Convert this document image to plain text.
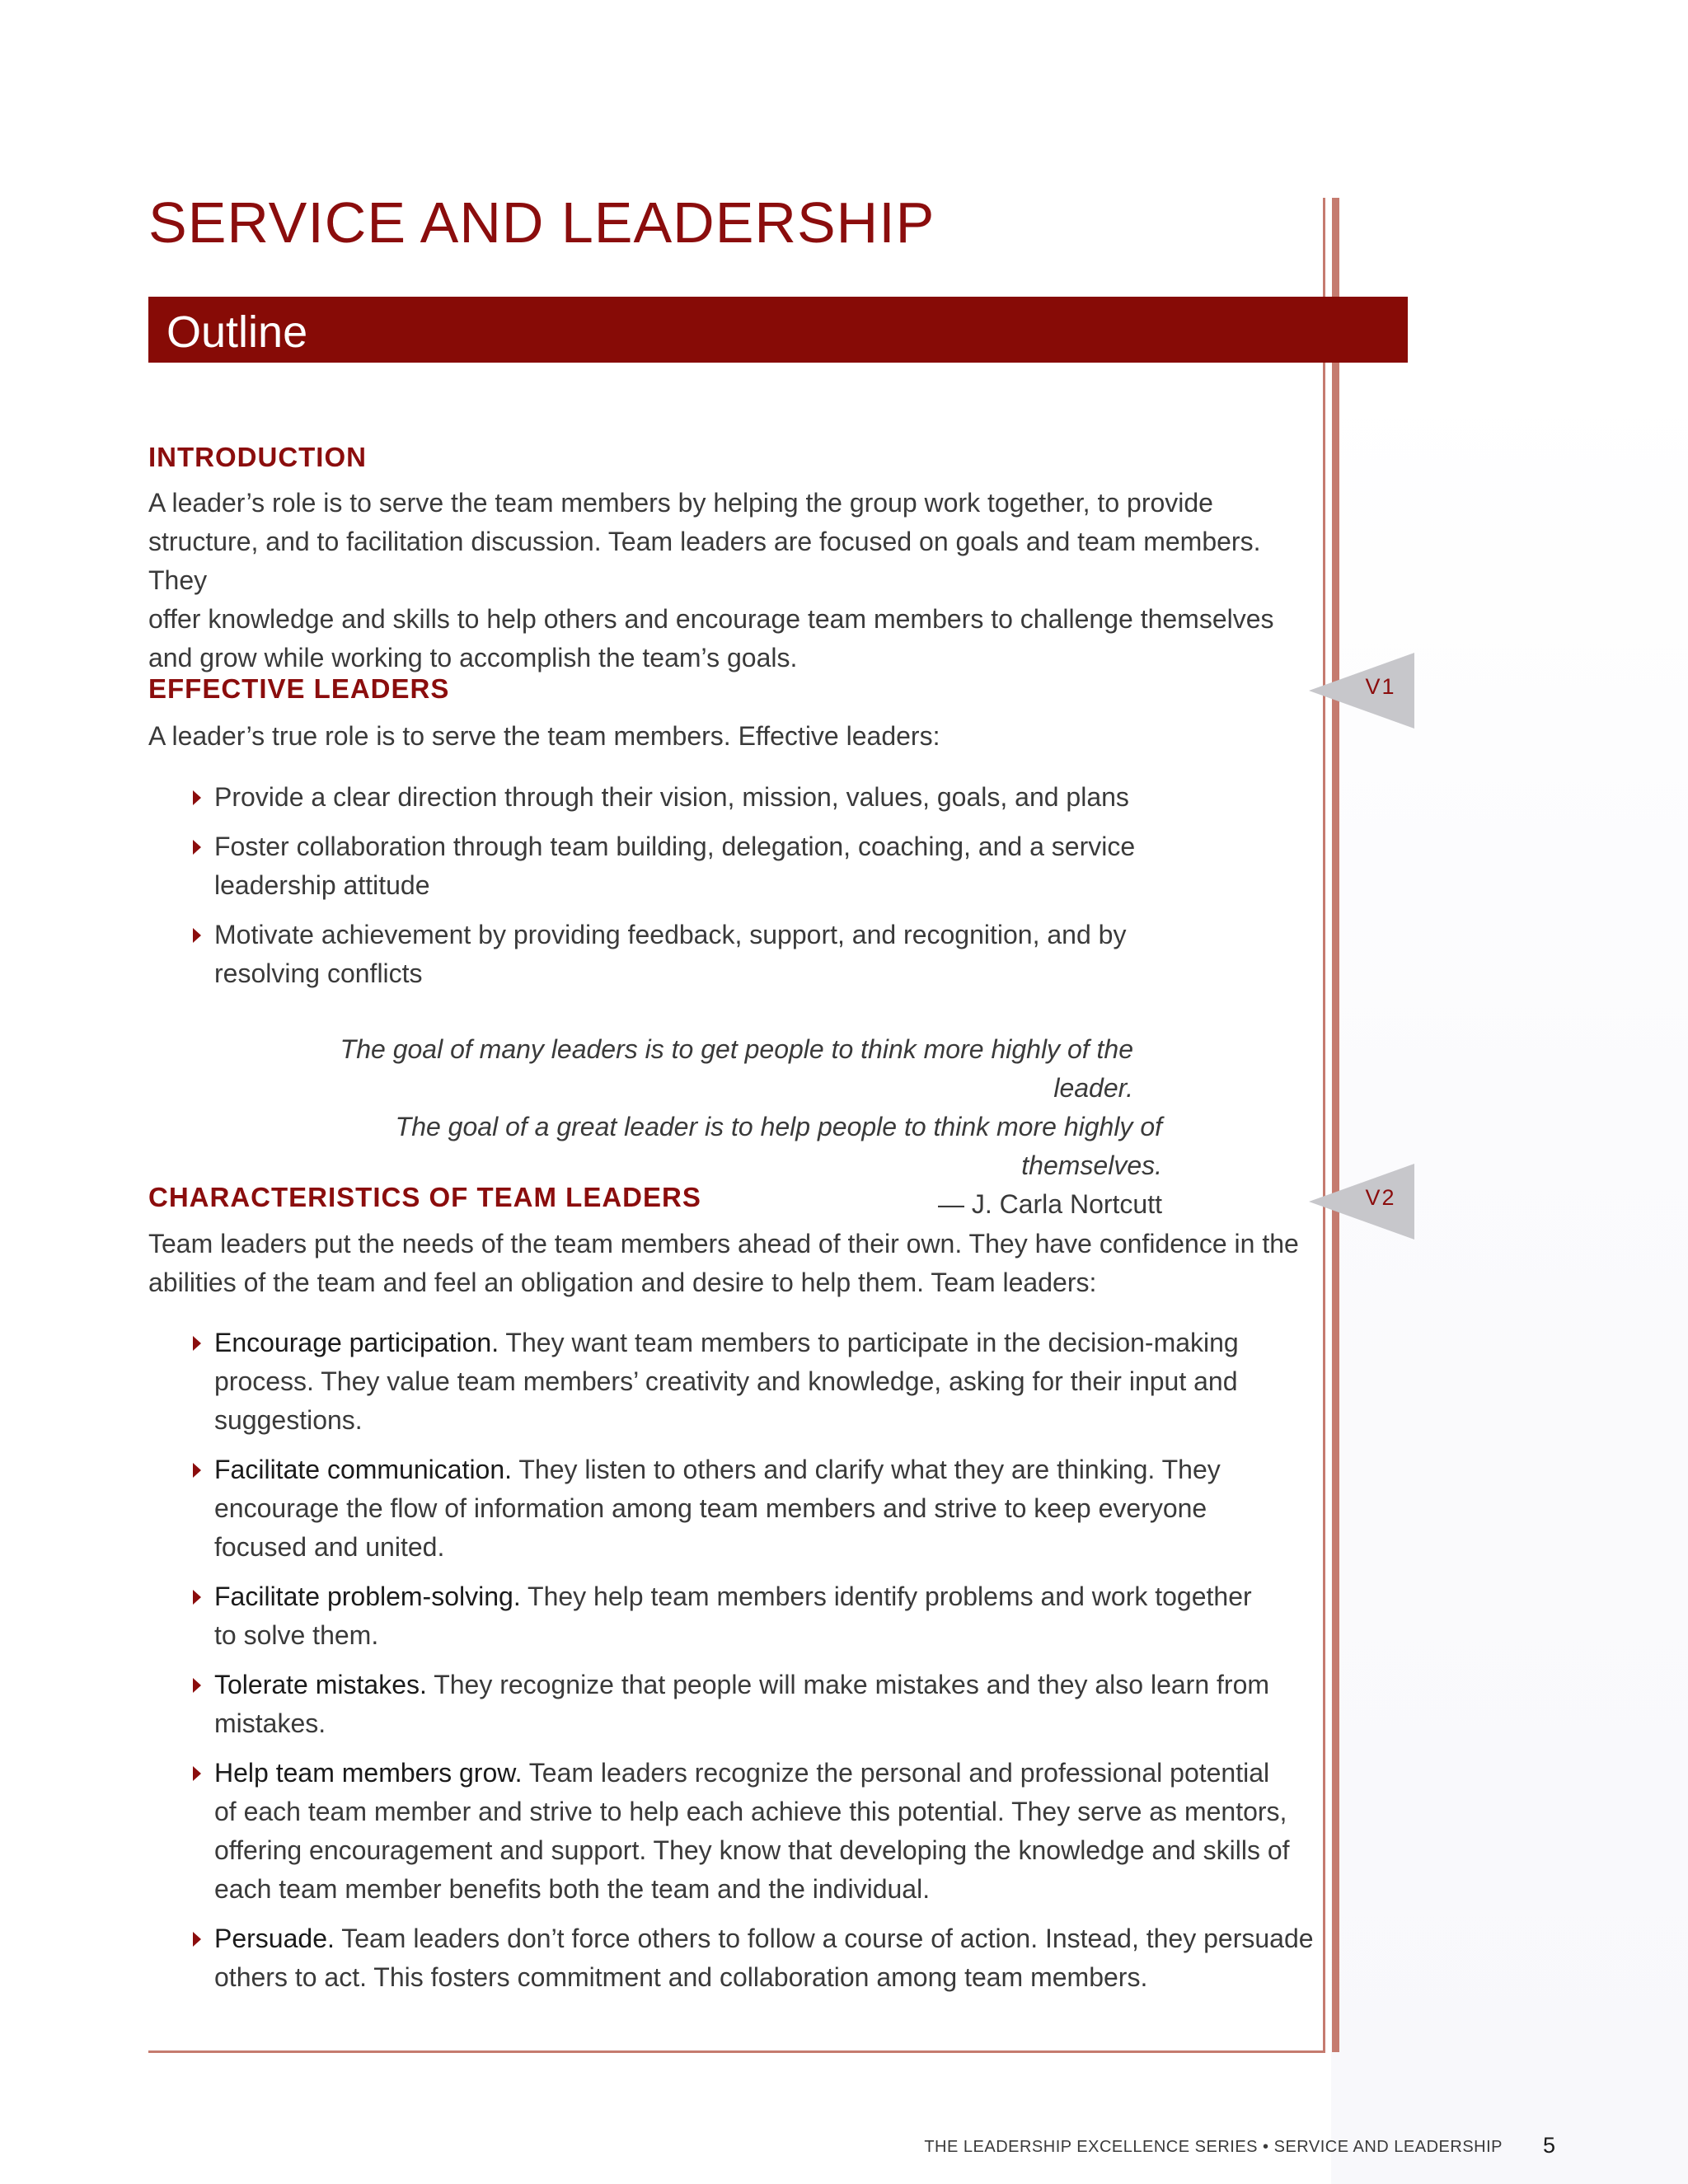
SERVICE AND LEADERSHIP
Outline
INTRODUCTION

A leader’s role is to serve the team members by helping the group work together, to provide
structure, and to facilitation discussion. Team leaders are focused on goals and team members. They
offer knowledge and skills to help others and encourage team members to challenge themselves
and grow while working to accomplish the team’s goals.

EFFECTIVE LEADERS

A leader’s true role is to serve the team members. Effective leaders:

Provide a clear direction through their vision, mission, values, goals, and plans
Foster collaboration through team building, delegation, coaching, and a service
leadership attitude
Motivate achievement by providing feedback, support, and recognition, and by
resolving conflicts

The goal of many leaders is to get people to think more highly of the leader.
The goal of a great leader is to help people to think more highly of themselves.
— J. Carla Nortcutt

CHARACTERISTICS OF TEAM LEADERS

Team leaders put the needs of the team members ahead of their own. They have confidence in the
abilities of the team and feel an obligation and desire to help them. Team leaders:

Encourage participation. They want team members to participate in the decision-making
process. They value team members’ creativity and knowledge, asking for their input and
suggestions.
Facilitate communication. They listen to others and clarify what they are thinking. They
encourage the flow of information among team members and strive to keep everyone
focused and united.
Facilitate problem-solving. They help team members identify problems and work together
to solve them.
Tolerate mistakes. They recognize that people will make mistakes and they also learn from
mistakes.
Help team members grow. Team leaders recognize the personal and professional potential
of each team member and strive to help each achieve this potential. They serve as mentors,
offering encouragement and support. They know that developing the knowledge and skills of
each team member benefits both the team and the individual.
Persuade. Team leaders don’t force others to follow a course of action. Instead, they persuade
others to act. This fosters commitment and collaboration among team members.
V1
V2
THE LEADERSHIP EXCELLENCE SERIES • SERVICE AND LEADERSHIP 5
